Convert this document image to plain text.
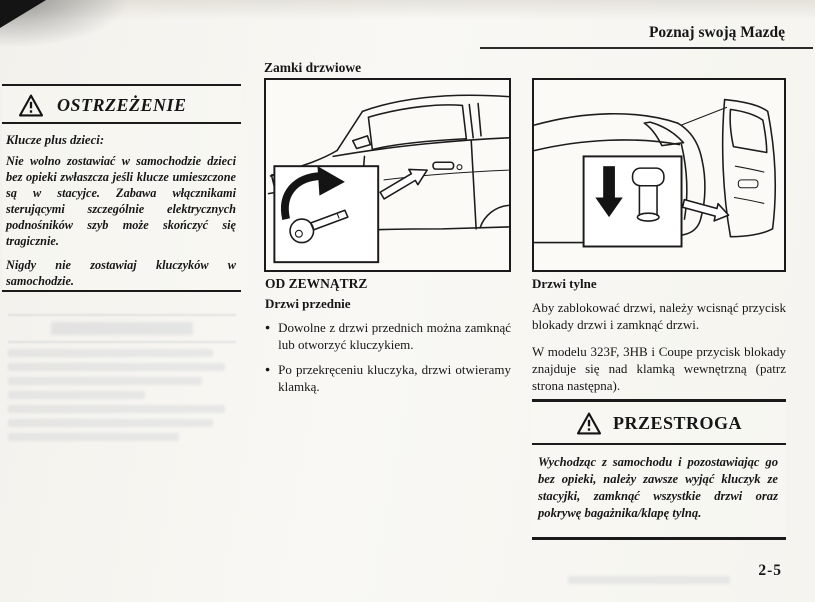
Poznaj swoją Mazdę
OSTRZEŻENIE
Klucze plus dzieci:

Nie wolno zostawiać w samochodzie dzieci bez opieki zwłaszcza jeśli klucze umieszczone są w stacyjce. Zabawa włącznikami sterującymi szczególnie elektrycznych podnośników szyb może skończyć się tragicznie.

Nigdy nie zostawiaj kluczyków w samochodzie.

Zamki drzwiowe
OD ZEWNĄTRZ
Drzwi przednie
● Dowolne z drzwi przednich można zamknąć lub otworzyć kluczykiem.
● Po przekręceniu kluczyka, drzwi otwieramy klamką.
Drzwi tylne

Aby zablokować drzwi, należy wcisnąć przycisk blokady drzwi i zamknąć drzwi.

W modelu 323F, 3HB i Coupe przycisk blokady znajduje się nad klamką wewnętrzną (patrz strona następna).

PRZESTROGA

Wychodząc z samochodu i pozostawiając go bez opieki, należy zawsze wyjąć kluczyk ze stacyjki, zamknąć wszystkie drzwi oraz pokrywę bagażnika/klapę tylną.

2-5
